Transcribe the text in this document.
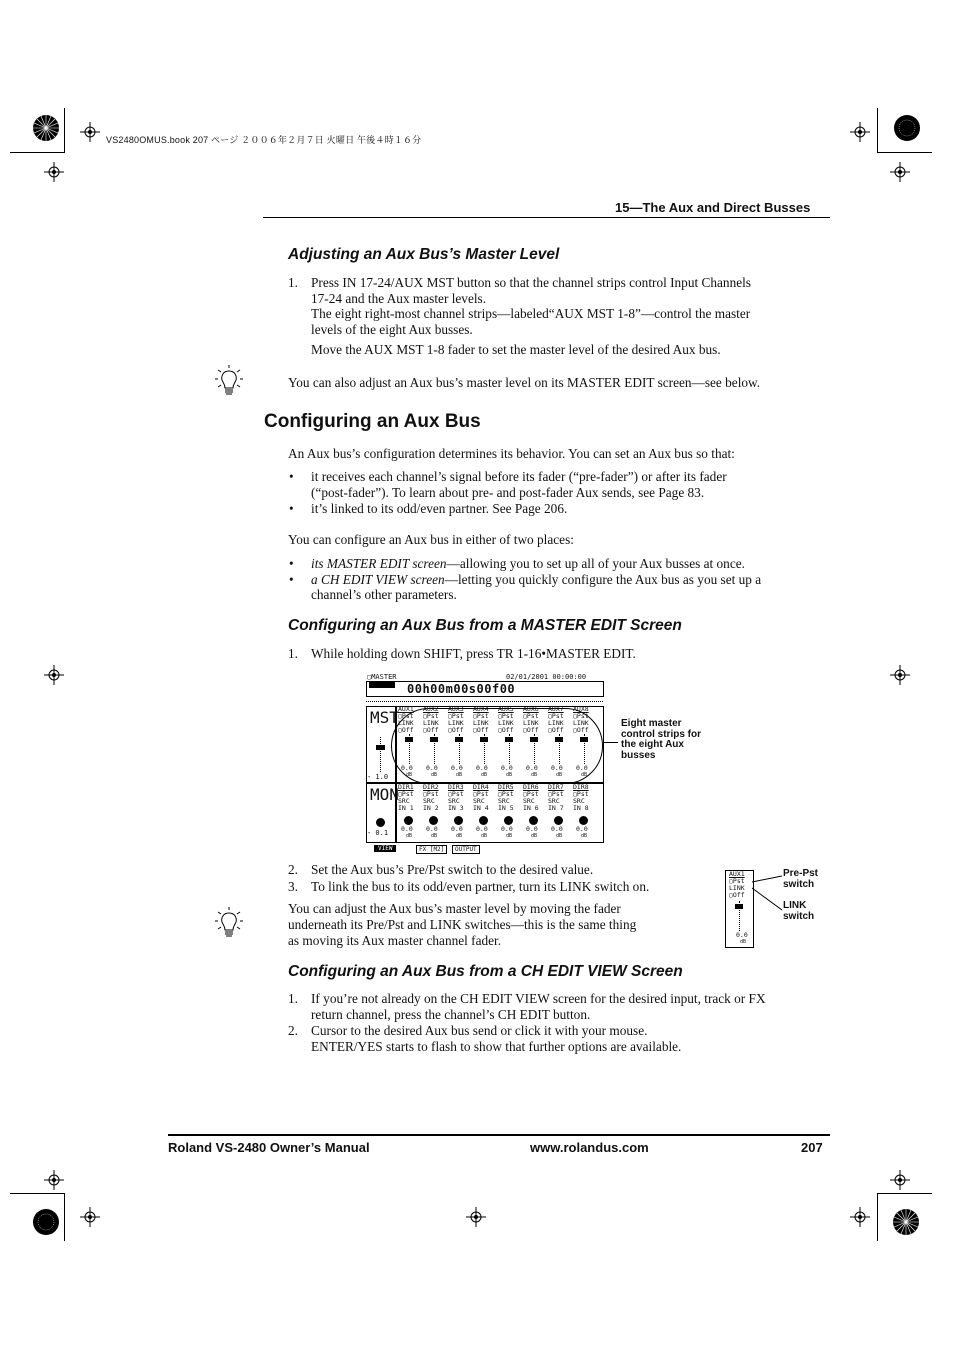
VS2480OMUS.book 207 ページ ２００６年２月７日 火曜日 午後４時１６分
15—The Aux and Direct Busses
Adjusting an Aux Bus’s Master Level
1. Press IN 17-24/AUX MST button so that the channel strips control Input Channels
17-24 and the Aux master levels.
The eight right-most channel strips—labeled“AUX MST 1-8”—control the master
levels of the eight Aux busses.
Move the AUX MST 1-8 fader to set the master level of the desired Aux bus.
You can also adjust an Aux bus’s master level on its MASTER EDIT screen—see below.
Configuring an Aux Bus
An Aux bus’s configuration determines its behavior. You can set an Aux bus so that:
• it receives each channel’s signal before its fader (“pre-fader”) or after its fader
(“post-fader”). To learn about pre- and post-fader Aux sends, see Page 83.
• it’s linked to its odd/even partner. See Page 206.
You can configure an Aux bus in either of two places:
• its MASTER EDIT screen—allowing you to set up all of your Aux busses at once.
• a CH EDIT VIEW screen—letting you quickly configure the Aux bus as you set up a
channel’s other parameters.
Configuring an Aux Bus from a MASTER EDIT Screen
1. While holding down SHIFT, press TR 1-16•MASTER EDIT.
▢MASTER	02/01/2001 00:00:00
00h00m00s00f00
MST
- 1.0
MON
- 0.1
VIEW	FX [M2]	OUTPUT
AUX1
▢Pst
LINK
▢Off
0.0
dB
AUX2
▢Pst
LINK
▢Off
0.0
dB
AUX3
▢Pst
LINK
▢Off
0.0
dB
AUX4
▢Pst
LINK
▢Off
0.0
dB
AUX5
▢Pst
LINK
▢Off
0.0
dB
AUX6
▢Pst
LINK
▢Off
0.0
dB
AUX7
▢Pst
LINK
▢Off
0.0
dB
AUX8
▢Pst
LINK
▢Off
0.0
dB
DIR1
▢Pst
SRC
IN 1
0.0
dB
DIR2
▢Pst
SRC
IN 2
0.0
dB
DIR3
▢Pst
SRC
IN 3
0.0
dB
DIR4
▢Pst
SRC
IN 4
0.0
dB
DIR5
▢Pst
SRC
IN 5
0.0
dB
DIR6
▢Pst
SRC
IN 6
0.0
dB
DIR7
▢Pst
SRC
IN 7
0.0
dB
DIR8
▢Pst
SRC
IN 8
0.0
dB
Eight master
control strips for
the eight Aux
busses
2. Set the Aux bus’s Pre/Pst switch to the desired value.
3. To link the bus to its odd/even partner, turn its LINK switch on.
You can adjust the Aux bus’s master level by moving the fader
underneath its Pre/Pst and LINK switches—this is the same thing
as moving its Aux master channel fader.
AUX1
▢Pst
LINK
▢Off
0.0
dB
Pre-Pst
switch
LINK
switch
Configuring an Aux Bus from a CH EDIT VIEW Screen
1. If you’re not already on the CH EDIT VIEW screen for the desired input, track or FX
return channel, press the channel’s CH EDIT button.
2. Cursor to the desired Aux bus send or click it with your mouse.
ENTER/YES starts to flash to show that further options are available.
Roland VS-2480 Owner’s Manual	www.rolandus.com	207
